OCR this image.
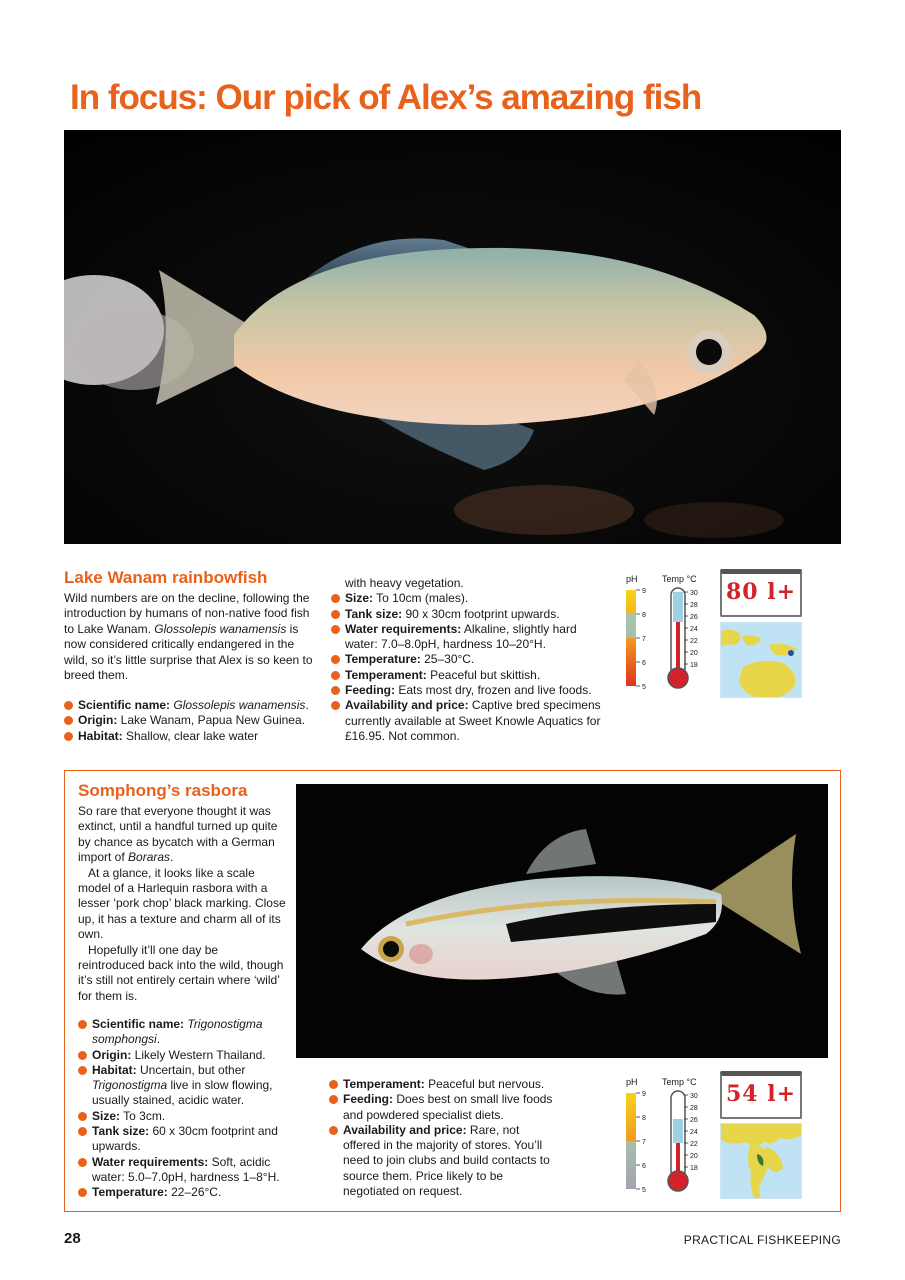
In focus: Our pick of Alex’s amazing fish
Lake Wanam rainbowfish

Wild numbers are on the decline, following the introduction by humans of non-native food fish to Lake Wanam. Glossolepis wanamensis is now considered critically endangered in the wild, so it’s little surprise that Alex is so keen to breed them.

Scientific name: Glossolepis wanamensis.
Origin: Lake Wanam, Papua New Guinea.
Habitat: Shallow, clear lake water
with heavy vegetation.
Size: To 10cm (males).
Tank size: 90 x 30cm footprint upwards.
Water requirements: Alkaline, slightly hard water: 7.0–8.0pH, hardness 10–20°H.
Temperature: 25–30°C.
Temperament: Peaceful but skittish.
Feeding: Eats most dry, frozen and live foods.
Availability and price: Captive bred specimens currently available at Sweet Knowle Aquatics for £16.95. Not common.
pH	Temp °C
9
8
7
6
5
30
28
26
24
22
20
18
80 l+
Somphong’s rasbora

So rare that everyone thought it was extinct, until a handful turned up quite by chance as bycatch with a German import of Boraras.

At a glance, it looks like a scale model of a Harlequin rasbora with a lesser ‘pork chop’ black marking. Close up, it has a texture and charm all of its own.

Hopefully it’ll one day be reintroduced back into the wild, though it’s still not entirely certain where ‘wild’ for them is.

Scientific name: Trigonostigma somphongsi.
Origin: Likely Western Thailand.
Habitat: Uncertain, but other Trigonostigma live in slow flowing, usually stained, acidic water.
Size: To 3cm.
Tank size: 60 x 30cm footprint and upwards.
Water requirements: Soft, acidic water: 5.0–7.0pH, hardness 1–8°H.
Temperature: 22–26°C.
Temperament: Peaceful but nervous.
Feeding: Does best on small live foods and powdered specialist diets.
Availability and price: Rare, not offered in the majority of stores. You’ll need to join clubs and build contacts to source them. Price likely to be negotiated on request.
pH	Temp °C
9
8
7
6
5
30
28
26
24
22
20
18
54 l+
28	PRACTICAL FISHKEEPING
